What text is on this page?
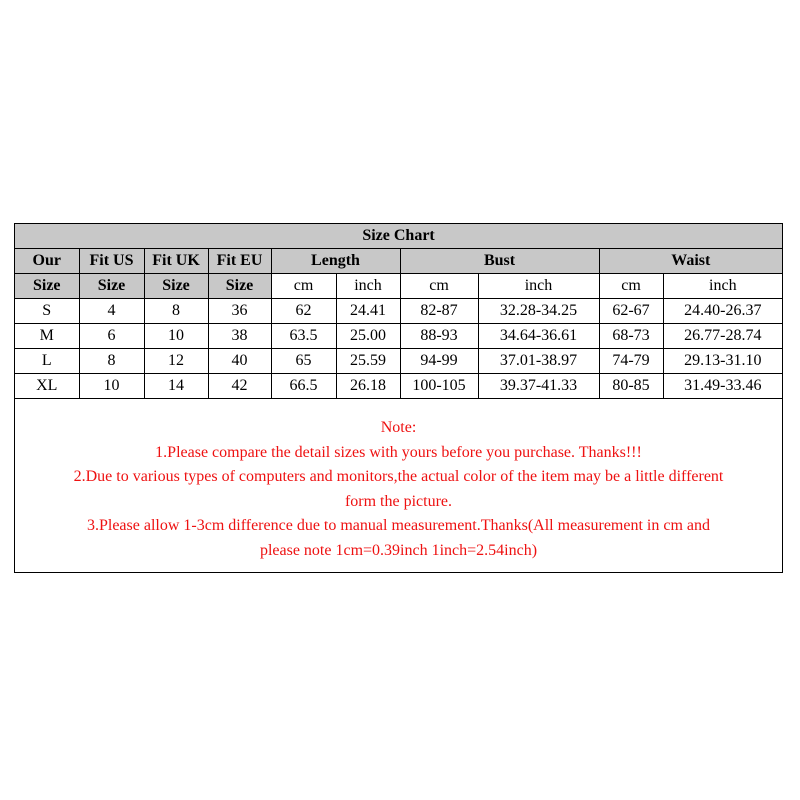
Size Chart									
Our	Fit US	Fit UK	Fit EU	Length		Bust		Waist	
Size	Size	Size	Size	cm	inch	cm	inch	cm	inch
S	4	8	36	62	24.41	82-87	32.28-34.25	62-67	24.40-26.37
M	6	10	38	63.5	25.00	88-93	34.64-36.61	68-73	26.77-28.74
L	8	12	40	65	25.59	94-99	37.01-38.97	74-79	29.13-31.10
XL	10	14	42	66.5	26.18	100-105	39.37-41.33	80-85	31.49-33.46
Note:
1.Please compare the detail sizes with yours before you purchase. Thanks!!!
2.Due to various types of computers and monitors,the actual color of the item may be a little different
form the picture.
3.Please allow 1-3cm difference due to manual measurement.Thanks(All measurement in cm and
please note 1cm=0.39inch 1inch=2.54inch)
